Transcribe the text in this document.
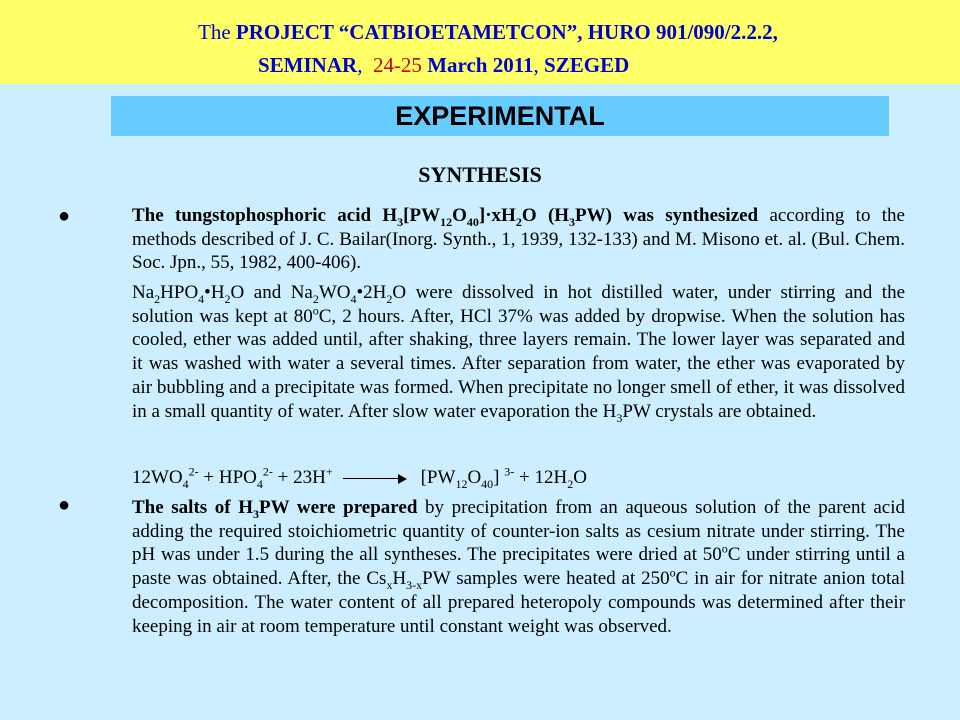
The PROJECT “CATBIOETAMETCON”, HURO 901/090/2.2.2,
SEMINAR, 24-25 March 2011, SZEGED
EXPERIMENTAL
SYNTHESIS
●	The tungstophosphoric acid $H_3[PW_{12}O_{40}]\cdot xH_2O$ $(H_3PW)$ was synthesized according to the methods described of J. C. Bailar(Inorg. Synth., 1, 1939, 132-133) and M. Misono et. al. (Bul. Chem. Soc. Jpn., 55, 1982, 400-406).
$Na_2HPO_4•H_2O$ and $Na_2WO_4•2H_2O$ were dissolved in hot distilled water, under stirring and the solution was kept at 80$^o$C, 2 hours. After, HCl 37% was added by dropwise. When the solution has cooled, ether was added until, after shaking, three layers remain. The lower layer was separated and it was washed with water a several times. After separation from water, the ether was evaporated by air bubbling and a precipitate was formed. When precipitate no longer smell of ether, it was dissolved in a small quantity of water. After slow water evaporation the $H_3PW$ crystals are obtained.
$12WO_4^{2-} + HPO_4^{2-} + 23H^+$	$[PW_{12}O_{40}] ^{3-} + 12H_2O$
●	The salts of $H_3PW$ were prepared by precipitation from an aqueous solution of the parent acid adding the required stoichiometric quantity of counter-ion salts as cesium nitrate under stirring. The pH was under 1.5 during the all syntheses. The precipitates were dried at 50$^o$C under stirring until a paste was obtained. After, the $Cs_xH_{3-x}PW$ samples were heated at 250$^o$C in air for nitrate anion total decomposition. The water content of all prepared heteropoly compounds was determined after their keeping in air at room temperature until constant weight was observed.
